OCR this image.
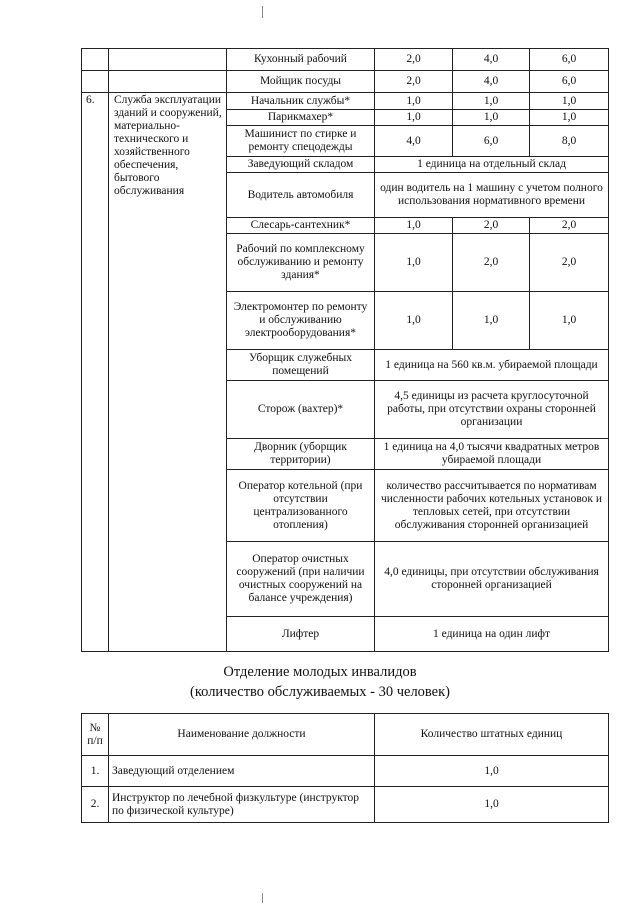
		Кухонный рабочий	2,0	4,0	6,0
		Мойщик посуды	2,0	4,0	6,0
6.	Служба эксплуатации зданий и сооружений, материально-технического и хозяйственного обеспечения, бытового обслуживания	Начальник службы*	1,0	1,0	1,0
		Парикмахер*	1,0	1,0	1,0
		Машинист по стирке и ремонту спецодежды	4,0	6,0	8,0
		Заведующий складом	1 единица на отдельный склад		
		Водитель автомобиля	один водитель на 1 машину с учетом полного использования нормативного времени		
		Слесарь-сантехник*	1,0	2,0	2,0
		Рабочий по комплексному обслуживанию и ремонту здания*	1,0	2,0	2,0
		Электромонтер по ремонту и обслуживанию электрооборудования*	1,0	1,0	1,0
		Уборщик служебных помещений	1 единица на 560 кв.м. убираемой площади		
		Сторож (вахтер)*	4,5 единицы из расчета круглосуточной работы, при отсутствии охраны сторонней организации		
		Дворник (уборщик территории)	1 единица на 4,0 тысячи квадратных метров убираемой площади		
		Оператор котельной (при отсутствии централизованного отопления)	количество рассчитывается по нормативам численности рабочих котельных установок и тепловых сетей, при отсутствии обслуживания сторонней организацией		
		Оператор очистных сооружений (при наличии очистных сооружений на балансе учреждения)	4,0 единицы, при отсутствии обслуживания сторонней организацией		
		Лифтер	1 единица на один лифт		
Отделение молодых инвалидов
(количество обслуживаемых - 30 человек)
№ п/п	Наименование должности	Количество штатных единиц
1.	Заведующий отделением	1,0
2.	Инструктор по лечебной физкультуре (инструктор по физической культуре)	1,0
